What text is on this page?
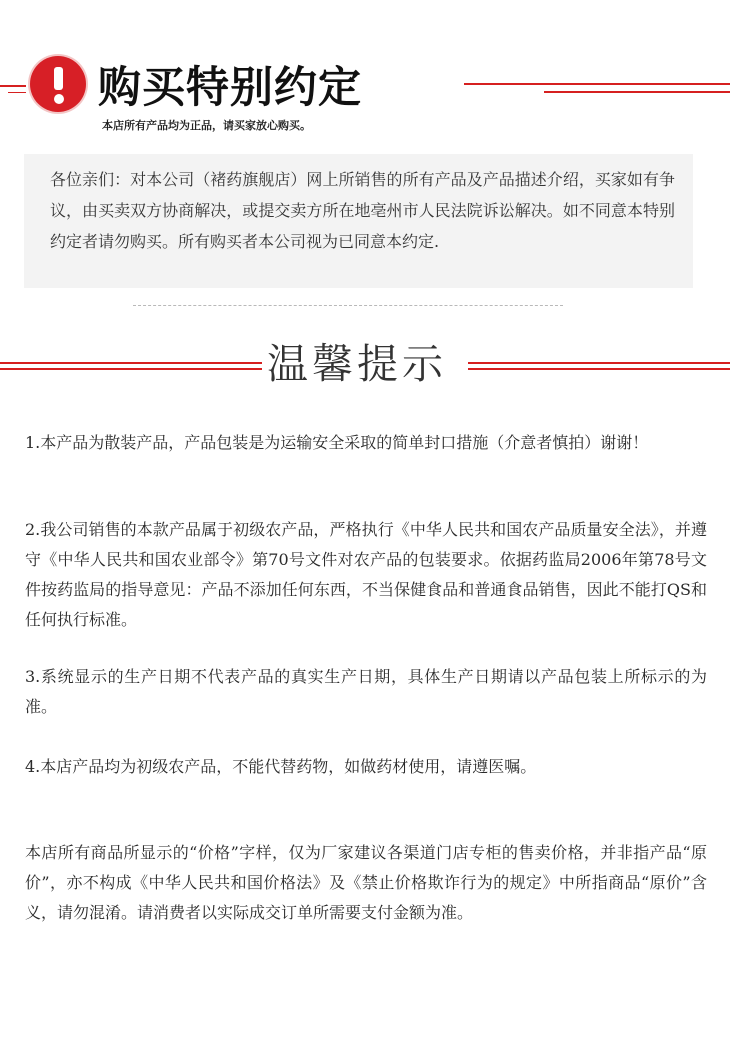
购买特别约定
本店所有产品均为正品，请买家放心购买。
各位亲们：对本公司（褚药旗舰店）网上所销售的所有产品及产品描述介绍，买家如有争议，由买卖双方协商解决，或提交卖方所在地亳州市人民法院诉讼解决。如不同意本特别约定者请勿购买。所有购买者本公司视为已同意本约定.
温馨提示
1.本产品为散装产品，产品包装是为运输安全采取的简单封口措施（介意者慎拍）谢谢！
2.我公司销售的本款产品属于初级农产品，严格执行《中华人民共和国农产品质量安全法》，并遵守《中华人民共和国农业部令》第70号文件对农产品的包装要求。依据药监局2006年第78号文件按药监局的指导意见：产品不添加任何东西，不当保健食品和普通食品销售，因此不能打QS和任何执行标准。
3.系统显示的生产日期不代表产品的真实生产日期，具体生产日期请以产品包装上所标示的为准。
4.本店产品均为初级农产品，不能代替药物，如做药材使用，请遵医嘱。
本店所有商品所显示的“价格”字样，仅为厂家建议各渠道门店专柜的售卖价格，并非指产品“原价”，亦不构成《中华人民共和国价格法》及《禁止价格欺诈行为的规定》中所指商品“原价”含义，请勿混淆。请消费者以实际成交订单所需要支付金额为准。
